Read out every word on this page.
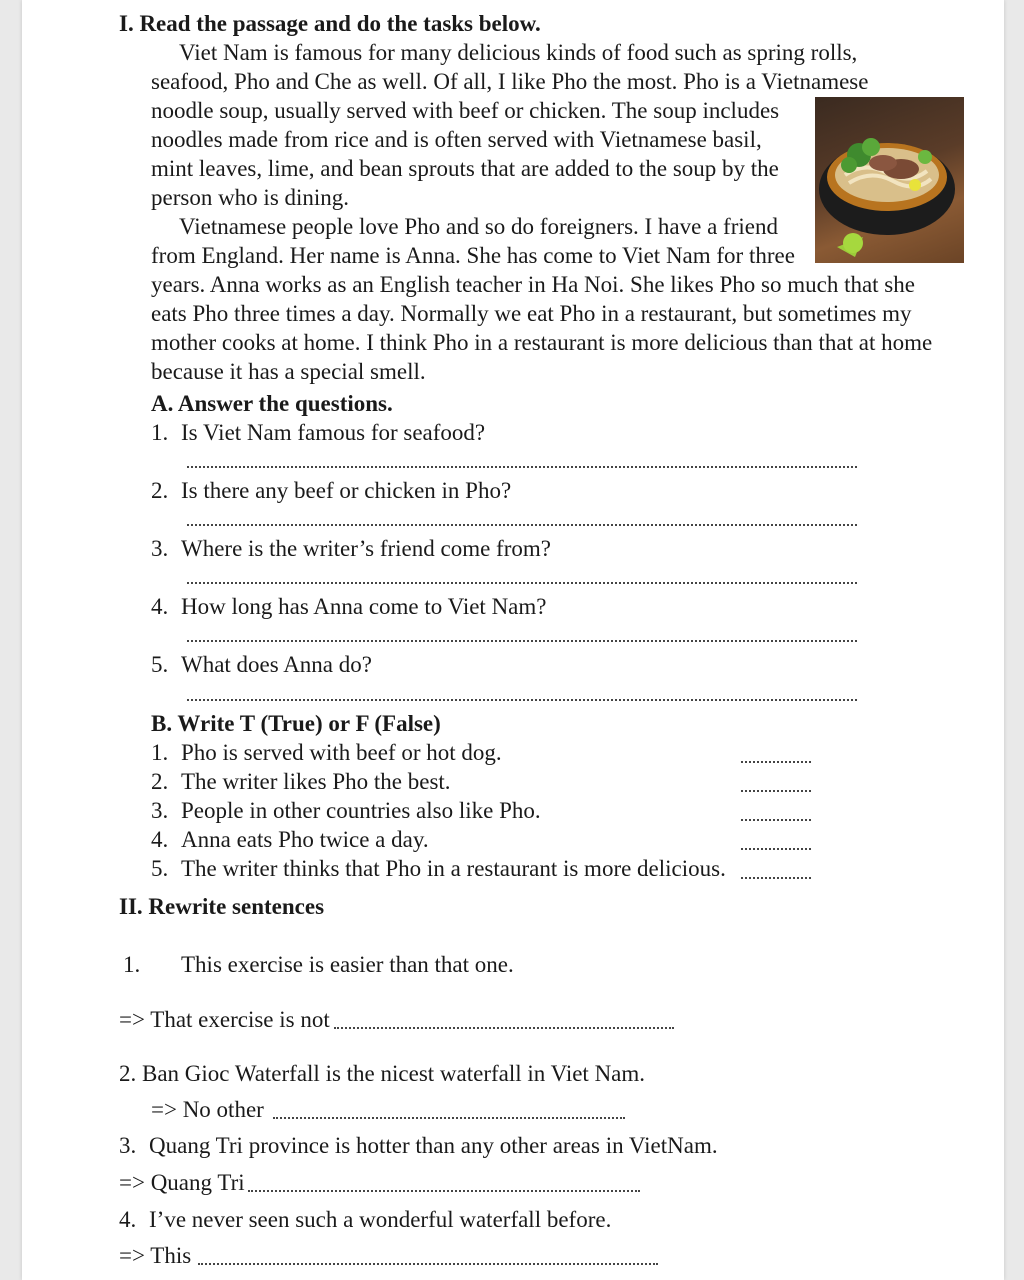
I. Read the passage and do the tasks below.
Viet Nam is famous for many delicious kinds of food such as spring rolls,
seafood, Pho and Che as well. Of all, I like Pho the most. Pho is a Vietnamese
noodle soup, usually served with beef or chicken. The soup includes
noodles made from rice and is often served with Vietnamese basil,
mint leaves, lime, and bean sprouts that are added to the soup by the
person who is dining.
Vietnamese people love Pho and so do foreigners. I have a friend
from England. Her name is Anna. She has come to Viet Nam for three
years. Anna works as an English teacher in Ha Noi. She likes Pho so much that she
eats Pho three times a day. Normally we eat Pho in a restaurant, but sometimes my
mother cooks at home. I think Pho in a restaurant is more delicious than that at home
because it has a special smell.
A. Answer the questions.
1. Is Viet Nam famous for seafood?
2. Is there any beef or chicken in Pho?
3. Where is the writer’s friend come from?
4. How long has Anna come to Viet Nam?
5. What does Anna do?
B. Write T (True) or F (False)
1. Pho is served with beef or hot dog.
2. The writer likes Pho the best.
3. People in other countries also like Pho.
4. Anna eats Pho twice a day.
5. The writer thinks that Pho in a restaurant is more delicious.
II. Rewrite sentences
1. This exercise is easier than that one.
=> That exercise is not
2. Ban Gioc Waterfall is the nicest waterfall in Viet Nam.
=> No other
3. Quang Tri province is hotter than any other areas in VietNam.
=> Quang Tri
4. I’ve never seen such a wonderful waterfall before.
=> This
